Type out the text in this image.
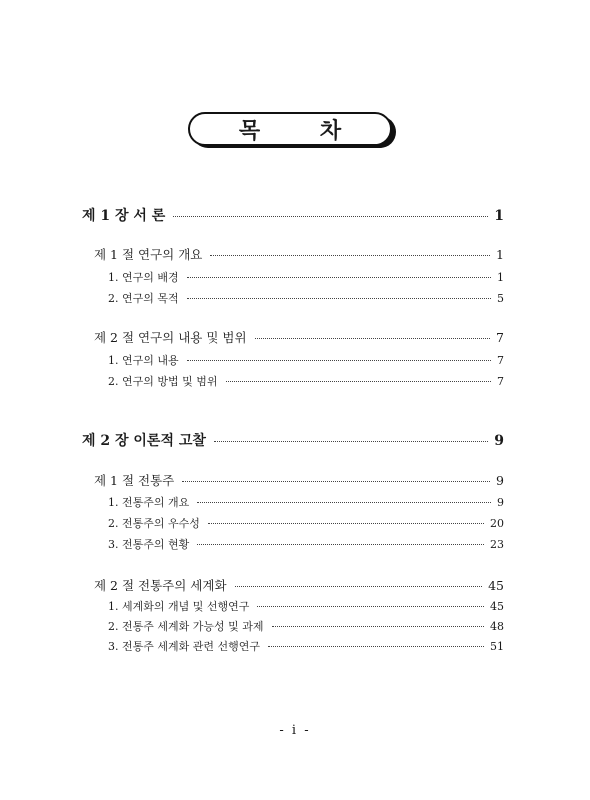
목 차
제 1 장 서 론	1
제 1 절 연구의 개요	1
1. 연구의 배경	1
2. 연구의 목적	5
제 2 절 연구의 내용 및 범위	7
1. 연구의 내용	7
2. 연구의 방법 및 범위	7
제 2 장 이론적 고찰	9
제 1 절 전통주	9
1. 전통주의 개요	9
2. 전통주의 우수성	20
3. 전통주의 현황	23
제 2 절 전통주의 세계화	45
1. 세계화의 개념 및 선행연구	45
2. 전통주 세계화 가능성 및 과제	48
3. 전통주 세계화 관련 선행연구	51
- i -
